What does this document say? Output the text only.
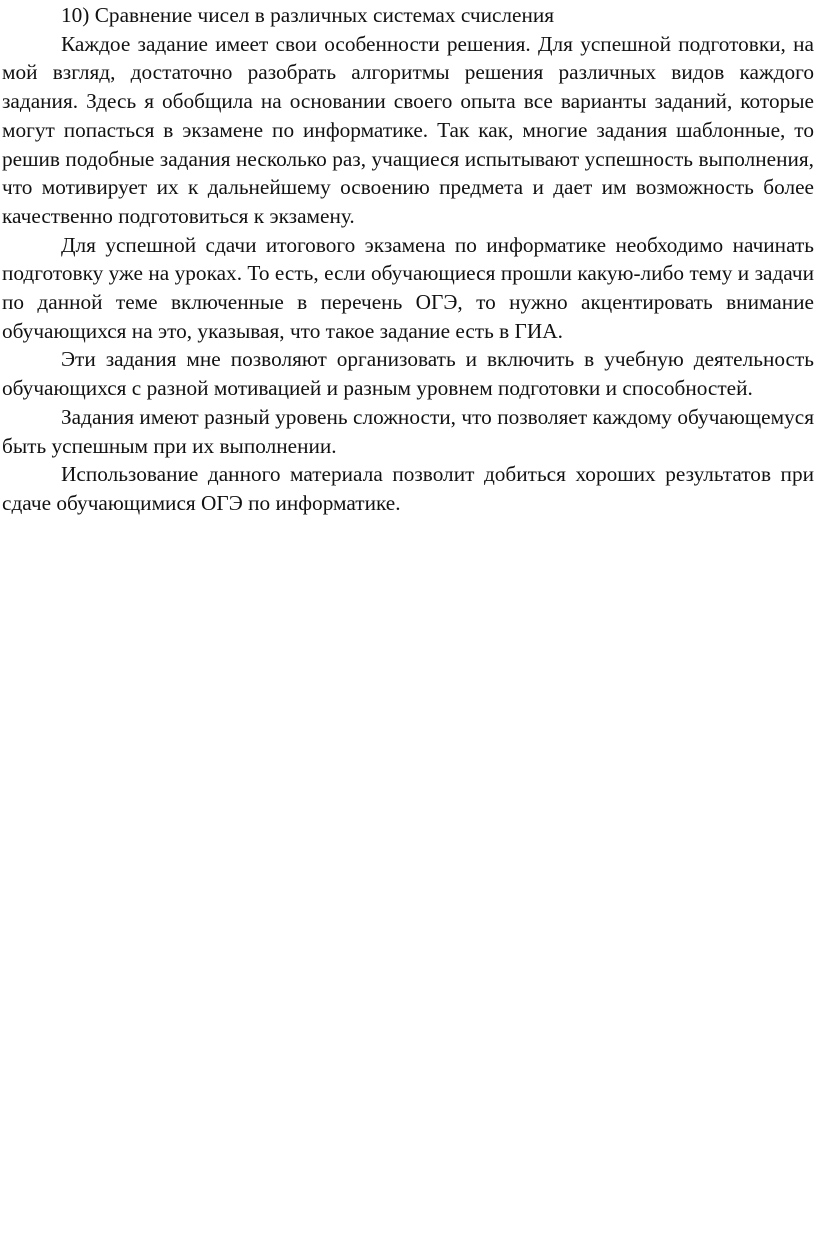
10) Сравнение чисел в различных системах счисления

Каждое задание имеет свои особенности решения. Для успешной подготовки, на мой взгляд, достаточно разобрать алгоритмы решения различных видов каждого задания. Здесь я обобщила на основании своего опыта все варианты заданий, которые могут попасться в экзамене по информатике. Так как, многие задания шаблонные, то решив подобные задания несколько раз, учащиеся испытывают успешность выполнения, что мотивирует их к дальнейшему освоению предмета и дает им возможность более качественно подготовиться к экзамену.

Для успешной сдачи итогового экзамена по информатике необходимо начинать подготовку уже на уроках. То есть, если обучающиеся прошли какую-либо тему и задачи по данной теме включенные в перечень ОГЭ, то нужно акцентировать внимание обучающихся на это, указывая, что такое задание есть в ГИА.

Эти задания мне позволяют организовать и включить в учебную деятельность обучающихся с разной мотивацией и разным уровнем подготовки и способностей.

Задания имеют разный уровень сложности, что позволяет каждому обучающемуся быть успешным при их выполнении.

Использование данного материала позволит добиться хороших результатов при сдаче обучающимися ОГЭ по информатике.
